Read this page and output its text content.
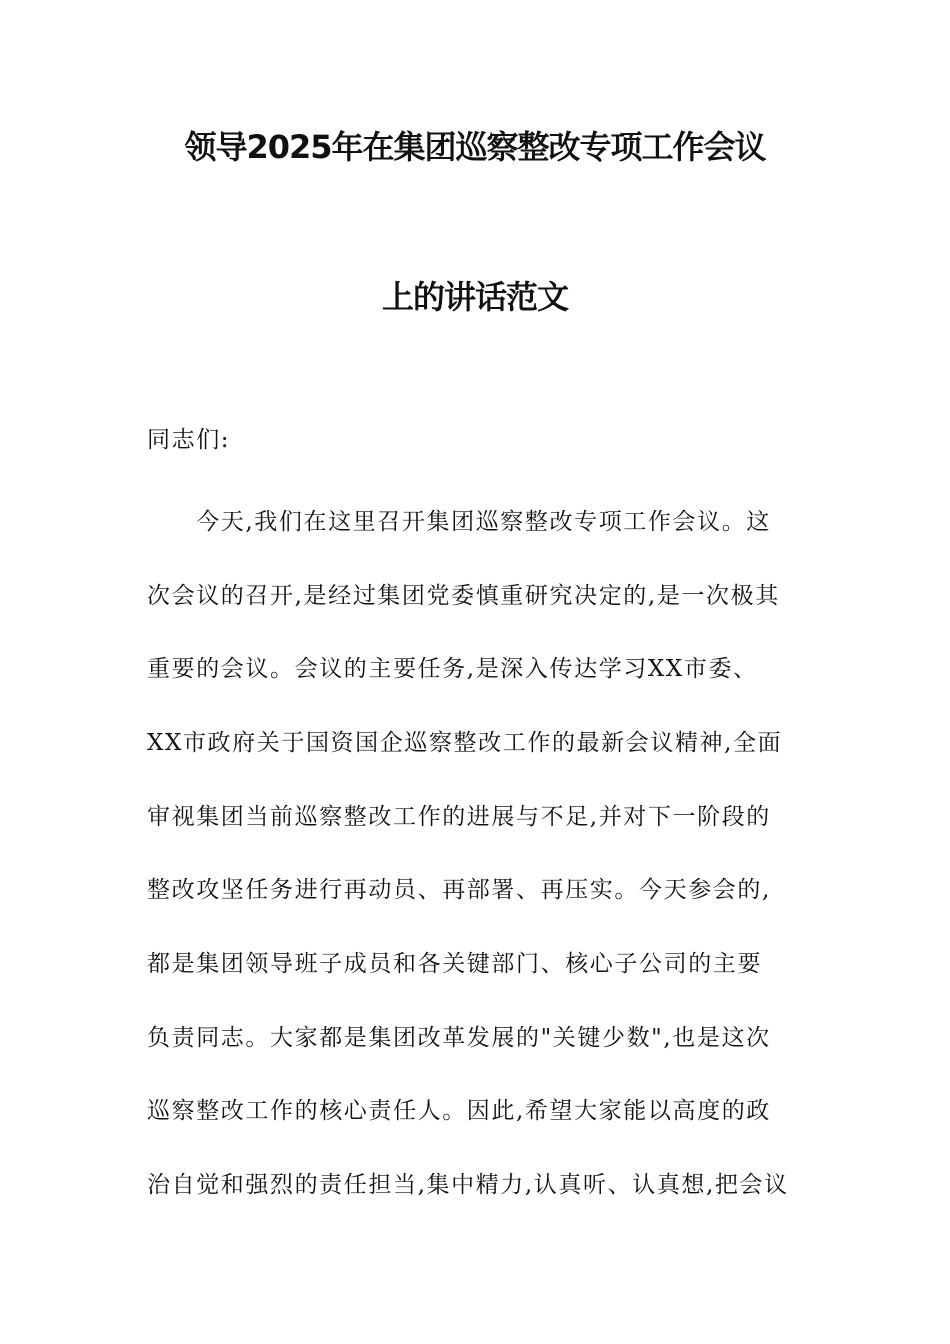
领导2025年在集团巡察整改专项工作会议
上的讲话范文
同志们:
　　今天,我们在这里召开集团巡察整改专项工作会议。这
次会议的召开,是经过集团党委慎重研究决定的,是一次极其
重要的会议。会议的主要任务,是深入传达学习XX市委、
XX市政府关于国资国企巡察整改工作的最新会议精神,全面
审视集团当前巡察整改工作的进展与不足,并对下一阶段的
整改攻坚任务进行再动员、再部署、再压实。今天参会的,
都是集团领导班子成员和各关键部门、核心子公司的主要
负责同志。大家都是集团改革发展的"关键少数",也是这次
巡察整改工作的核心责任人。因此,希望大家能以高度的政
治自觉和强烈的责任担当,集中精力,认真听、认真想,把会议
